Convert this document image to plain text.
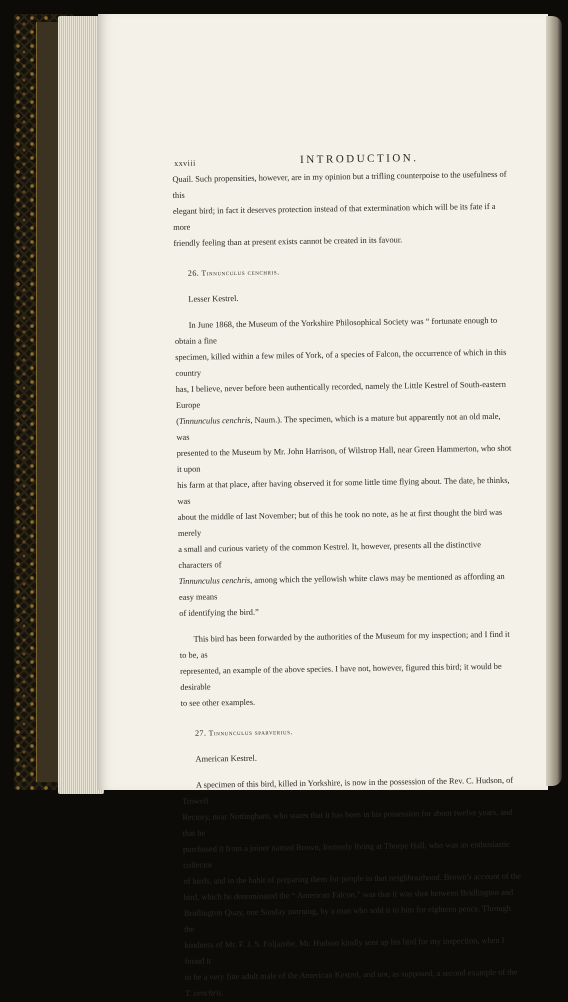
xxviii	INTRODUCTION.
Quail. Such propensities, however, are in my opinion but a trifling counterpoise to the usefulness of this
elegant bird; in fact it deserves protection instead of that extermination which will be its fate if a more
friendly feeling than at present exists cannot be created in its favour.
26. Tinnunculus cenchris.
Lesser Kestrel.
In June 1868, the Museum of the Yorkshire Philosophical Society was “ fortunate enough to obtain a fine
specimen, killed within a few miles of York, of a species of Falcon, the occurrence of which in this country
has, I believe, never before been authentically recorded, namely the Little Kestrel of South-eastern Europe
(Tinnunculus cenchris, Naum.). The specimen, which is a mature but apparently not an old male, was
presented to the Museum by Mr. John Harrison, of Wilstrop Hall, near Green Hammerton, who shot it upon
his farm at that place, after having observed it for some little time flying about. The date, he thinks, was
about the middle of last November; but of this he took no note, as he at first thought the bird was merely
a small and curious variety of the common Kestrel. It, however, presents all the distinctive characters of
Tinnunculus cenchris, among which the yellowish white claws may be mentioned as affording an easy means
of identifying the bird.”
This bird has been forwarded by the authorities of the Museum for my inspection; and I find it to be, as
represented, an example of the above species. I have not, however, figured this bird; it would be desirable
to see other examples.
27. Tinnunculus sparverius.
American Kestrel.
A specimen of this bird, killed in Yorkshire, is now in the possession of the Rev. C. Hudson, of Trowell
Rectory, near Nottingham, who states that it has been in his possession for about twelve years, and that he
purchased it from a joiner named Brown, formerly living at Thorpe Hall, who was an enthusiastic collector
of birds, and in the habit of preparing them for people in that neighbourhood. Brown's account of the
bird, which he denominated the “ American Falcon,” was that it was shot between Bridlington and
Bridlington Quay, one Sunday morning, by a man who sold it to him for eighteen pence. Through the
kindness of Mr. F. J. S. Foljambe, Mr. Hudson kindly sent up his bird for my inspection, when I found it
to be a very fine adult male of the American Kestrel, and not, as supposed, a second example of the
T. cenchris.
